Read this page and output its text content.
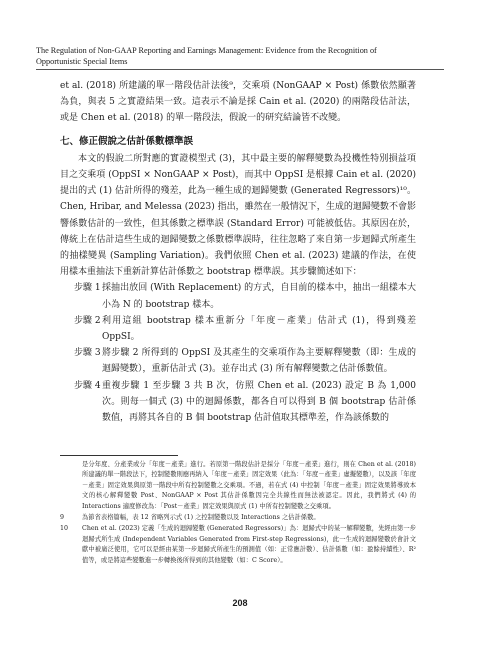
The Regulation of Non-GAAP Reporting and Earnings Management: Evidence from the Recognition of
Opportunistic Special Items

et al. (2018) 所建議的單一階段估計法後⁹，交乘項 (NonGAAP × Post) 係數依然顯著為負，與表 5 之實證結果一致。這表示不論是採 Cain et al. (2020) 的兩階段估計法，或是 Chen et al. (2018) 的單一階段法，假說一的研究結論皆不改變。

七、修正假說之估計係數標準誤

本文的假說二所對應的實證模型式 (3)，其中最主要的解釋變數為投機性特別損益項目之交乘項 (OppSI × NonGAAP × Post)，而其中 OppSI 是根據 Cain et al. (2020) 提出的式 (1) 估計所得的殘差，此為一種生成的迴歸變數 (Generated Regressors)¹⁰。Chen, Hribar, and Melessa (2023) 指出，雖然在一般情況下，生成的迴歸變數不會影響係數估計的一致性，但其係數之標準誤 (Standard Error) 可能被低估。其原因在於，傳統上在估計這些生成的迴歸變數之係數標準誤時，往往忽略了來自第一步迴歸式所產生的抽樣變異 (Sampling Variation)。我們依照 Chen et al. (2023) 建議的作法，在使用樣本重抽法下重新計算估計係數之 bootstrap 標準誤。其步驟簡述如下：

步驟 1 採抽出放回 (With Replacement) 的方式，自目前的樣本中，抽出一組樣本大小為 N 的 bootstrap 樣本。
步驟 2 利用這組 bootstrap 樣本重新分「年度－產業」估計式 (1)，得到殘差 OppSI。
步驟 3 將步驟 2 所得到的 OppSI 及其產生的交乘項作為主要解釋變數（即：生成的迴歸變數），重新估計式 (3)。並存出式 (3) 所有解釋變數之估計係數值。
步驟 4 重複步驟 1 至步驟 3 共 B 次，仿照 Chen et al. (2023) 設定 B 為 1,000 次。則每一個式 (3) 中的迴歸係數，都各自可以得到 B 個 bootstrap 估計係數值，再將其各自的 B 個 bootstrap 估計值取其標準差，作為該係數的
是分年度、分產業或分「年度－產業」進行。若原第一階段估計是採分「年度－產業」進行，則在 Chen et al. (2018) 所建議的單一階段法下，控制變數則應再納入「年度－產業」固定效果（此為：「年度－產業」虛擬變數），以及該「年度－產業」固定效果與原第一階段中所有控制變數之交乘項。不過，若在式 (4) 中控制「年度－產業」固定效果將導致本文的核心解釋變數 Post、NonGAAP × Post 其估計係數因完全共線性而無法被認定。因此，我們將式 (4) 的 Interactions 適度修改為：「Post－產業」固定效果與原式 (1) 中所有控制變數之交乘項。
9	為節省表格篇幅，表 12 省略列示式 (1) 之控制變數以及 Interactions 之估計係數。
10	Chen et al. (2023) 定義「生成的迴歸變數 (Generated Regressors)」為：迴歸式中的某一解釋變數，先經由第一步迴歸式所生成 (Independent Variables Generated from First-step Regressions)，此一生成的迴歸變數於會計文獻中被廣泛使用，它可以是經由某第一步迴歸式所產生的預測值（如：正常應計數）、估計係數（如：盈餘持續性）、R² 值等，或是將這些變數進一步轉換後所得到的其他變數（如：C Score）。
208
